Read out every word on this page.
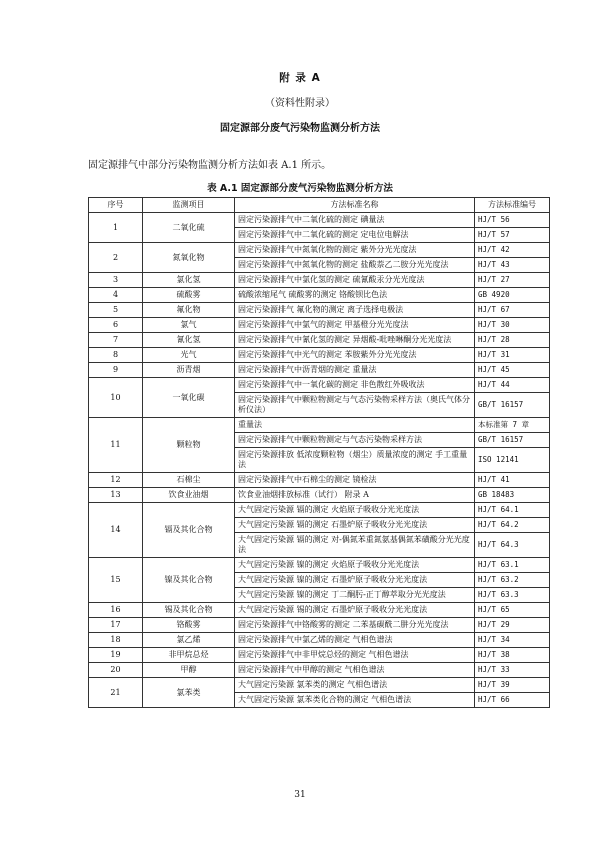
附 录 A
（资料性附录）
固定源部分废气污染物监测分析方法
固定源排气中部分污染物监测分析方法如表 A.1 所示。
表 A.1 固定源部分废气污染物监测分析方法
序号	监测项目	方法标准名称	方法标准编号
1	二氧化硫	固定污染源排气中二氧化硫的测定 碘量法	HJ/T 56
		固定污染源排气中二氧化硫的测定 定电位电解法	HJ/T 57
2	氮氧化物	固定污染源排气中氮氧化物的测定 紫外分光光度法	HJ/T 42
		固定污染源排气中氮氧化物的测定 盐酸萘乙二胺分光光度法	HJ/T 43
3	氯化氢	固定污染源排气中氯化氢的测定 硫氰酸汞分光光度法	HJ/T 27
4	硫酸雾	硫酸浓缩尾气 硫酸雾的测定 铬酸钡比色法	GB 4920
5	氟化物	固定污染源排气 氟化物的测定 离子选择电极法	HJ/T 67
6	氯气	固定污染源排气中氯气的测定 甲基橙分光光度法	HJ/T 30
7	氰化氢	固定污染源排气中氰化氢的测定 异烟酸-吡唑啉酮分光光度法	HJ/T 28
8	光气	固定污染源排气中光气的测定 苯胺紫外分光光度法	HJ/T 31
9	沥青烟	固定污染源排气中沥青烟的测定 重量法	HJ/T 45
10	一氧化碳	固定污染源排气中一氧化碳的测定 非色散红外吸收法	HJ/T 44
		固定污染源排气中颗粒物测定与气态污染物采样方法（奥氏气体分析仪法）	GB/T 16157
11	颗粒物	重量法	本标准第 7 章
		固定污染源排气中颗粒物测定与气态污染物采样方法	GB/T 16157
		固定污染源排放 低浓度颗粒物（烟尘）质量浓度的测定 手工重量法	ISO 12141
12	石棉尘	固定污染源排气中石棉尘的测定 镜检法	HJ/T 41
13	饮食业油烟	饮食业油烟排放标准（试行） 附录 A	GB 18483
14	镉及其化合物	大气固定污染源 镉的测定 火焰原子吸收分光光度法	HJ/T 64.1
		大气固定污染源 镉的测定 石墨炉原子吸收分光光度法	HJ/T 64.2
		大气固定污染源 镉的测定 对-偶氮苯重氮氨基偶氮苯磺酸分光光度法	HJ/T 64.3
15	镍及其化合物	大气固定污染源 镍的测定 火焰原子吸收分光光度法	HJ/T 63.1
		大气固定污染源 镍的测定 石墨炉原子吸收分光光度法	HJ/T 63.2
		大气固定污染源 镍的测定 丁二酮肟-正丁醇萃取分光光度法	HJ/T 63.3
16	锡及其化合物	大气固定污染源 锡的测定 石墨炉原子吸收分光光度法	HJ/T 65
17	铬酸雾	固定污染源排气中铬酸雾的测定 二苯基碳酰二肼分光光度法	HJ/T 29
18	氯乙烯	固定污染源排气中氯乙烯的测定 气相色谱法	HJ/T 34
19	非甲烷总烃	固定污染源排气中非甲烷总烃的测定 气相色谱法	HJ/T 38
20	甲醇	固定污染源排气中甲醇的测定 气相色谱法	HJ/T 33
21	氯苯类	大气固定污染源 氯苯类的测定 气相色谱法	HJ/T 39
		大气固定污染源 氯苯类化合物的测定 气相色谱法	HJ/T 66
31
